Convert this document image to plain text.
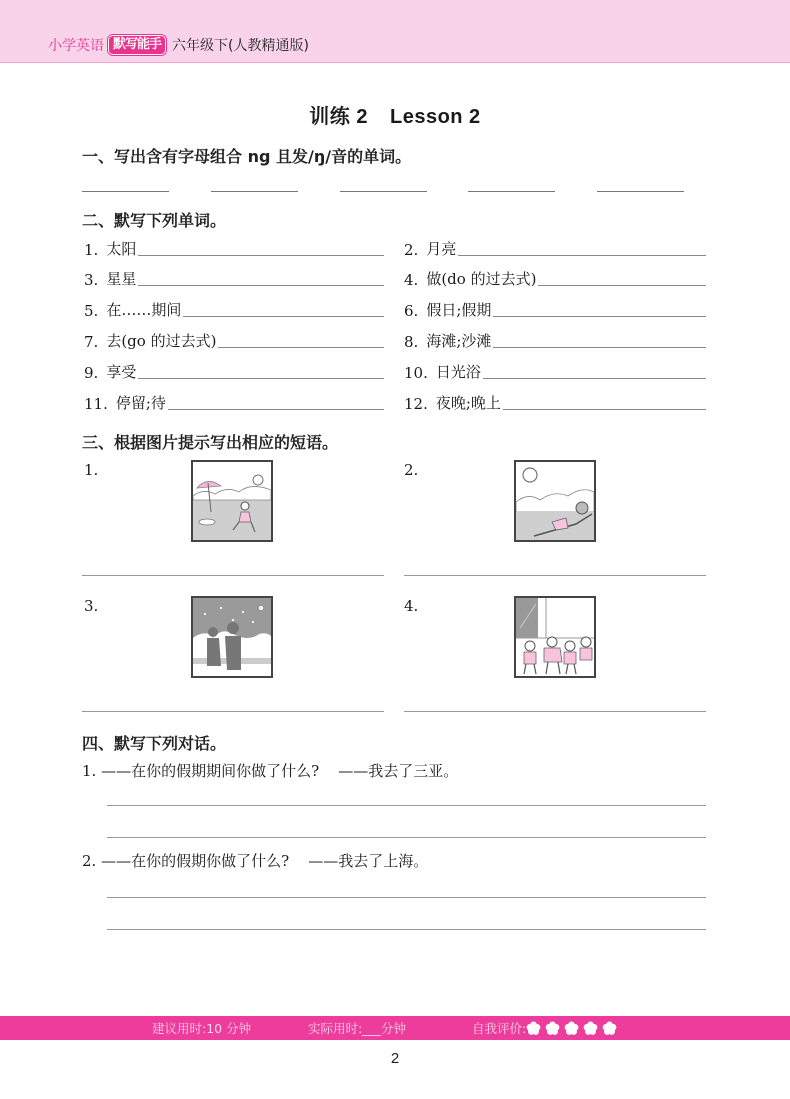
小学英语 默写能手 六年级下(人教精通版)
训练 2 Lesson 2
一、写出含有字母组合 ng 且发/ŋ/音的单词。
二、默写下列单词。
1. 太阳	2. 月亮
3. 星星	4. 做(do 的过去式)
5. 在……期间	6. 假日;假期
7. 去(go 的过去式)	8. 海滩;沙滩
9. 享受	10. 日光浴
11. 停留;待	12. 夜晚;晚上
三、根据图片提示写出相应的短语。
1.	2.
3.	4.
四、默写下列对话。
1. ——在你的假期期间你做了什么? ——我去了三亚。
2. ——在你的假期你做了什么? ——我去了上海。
建议用时:10 分钟	实际用时:___分钟	自我评价:
2
